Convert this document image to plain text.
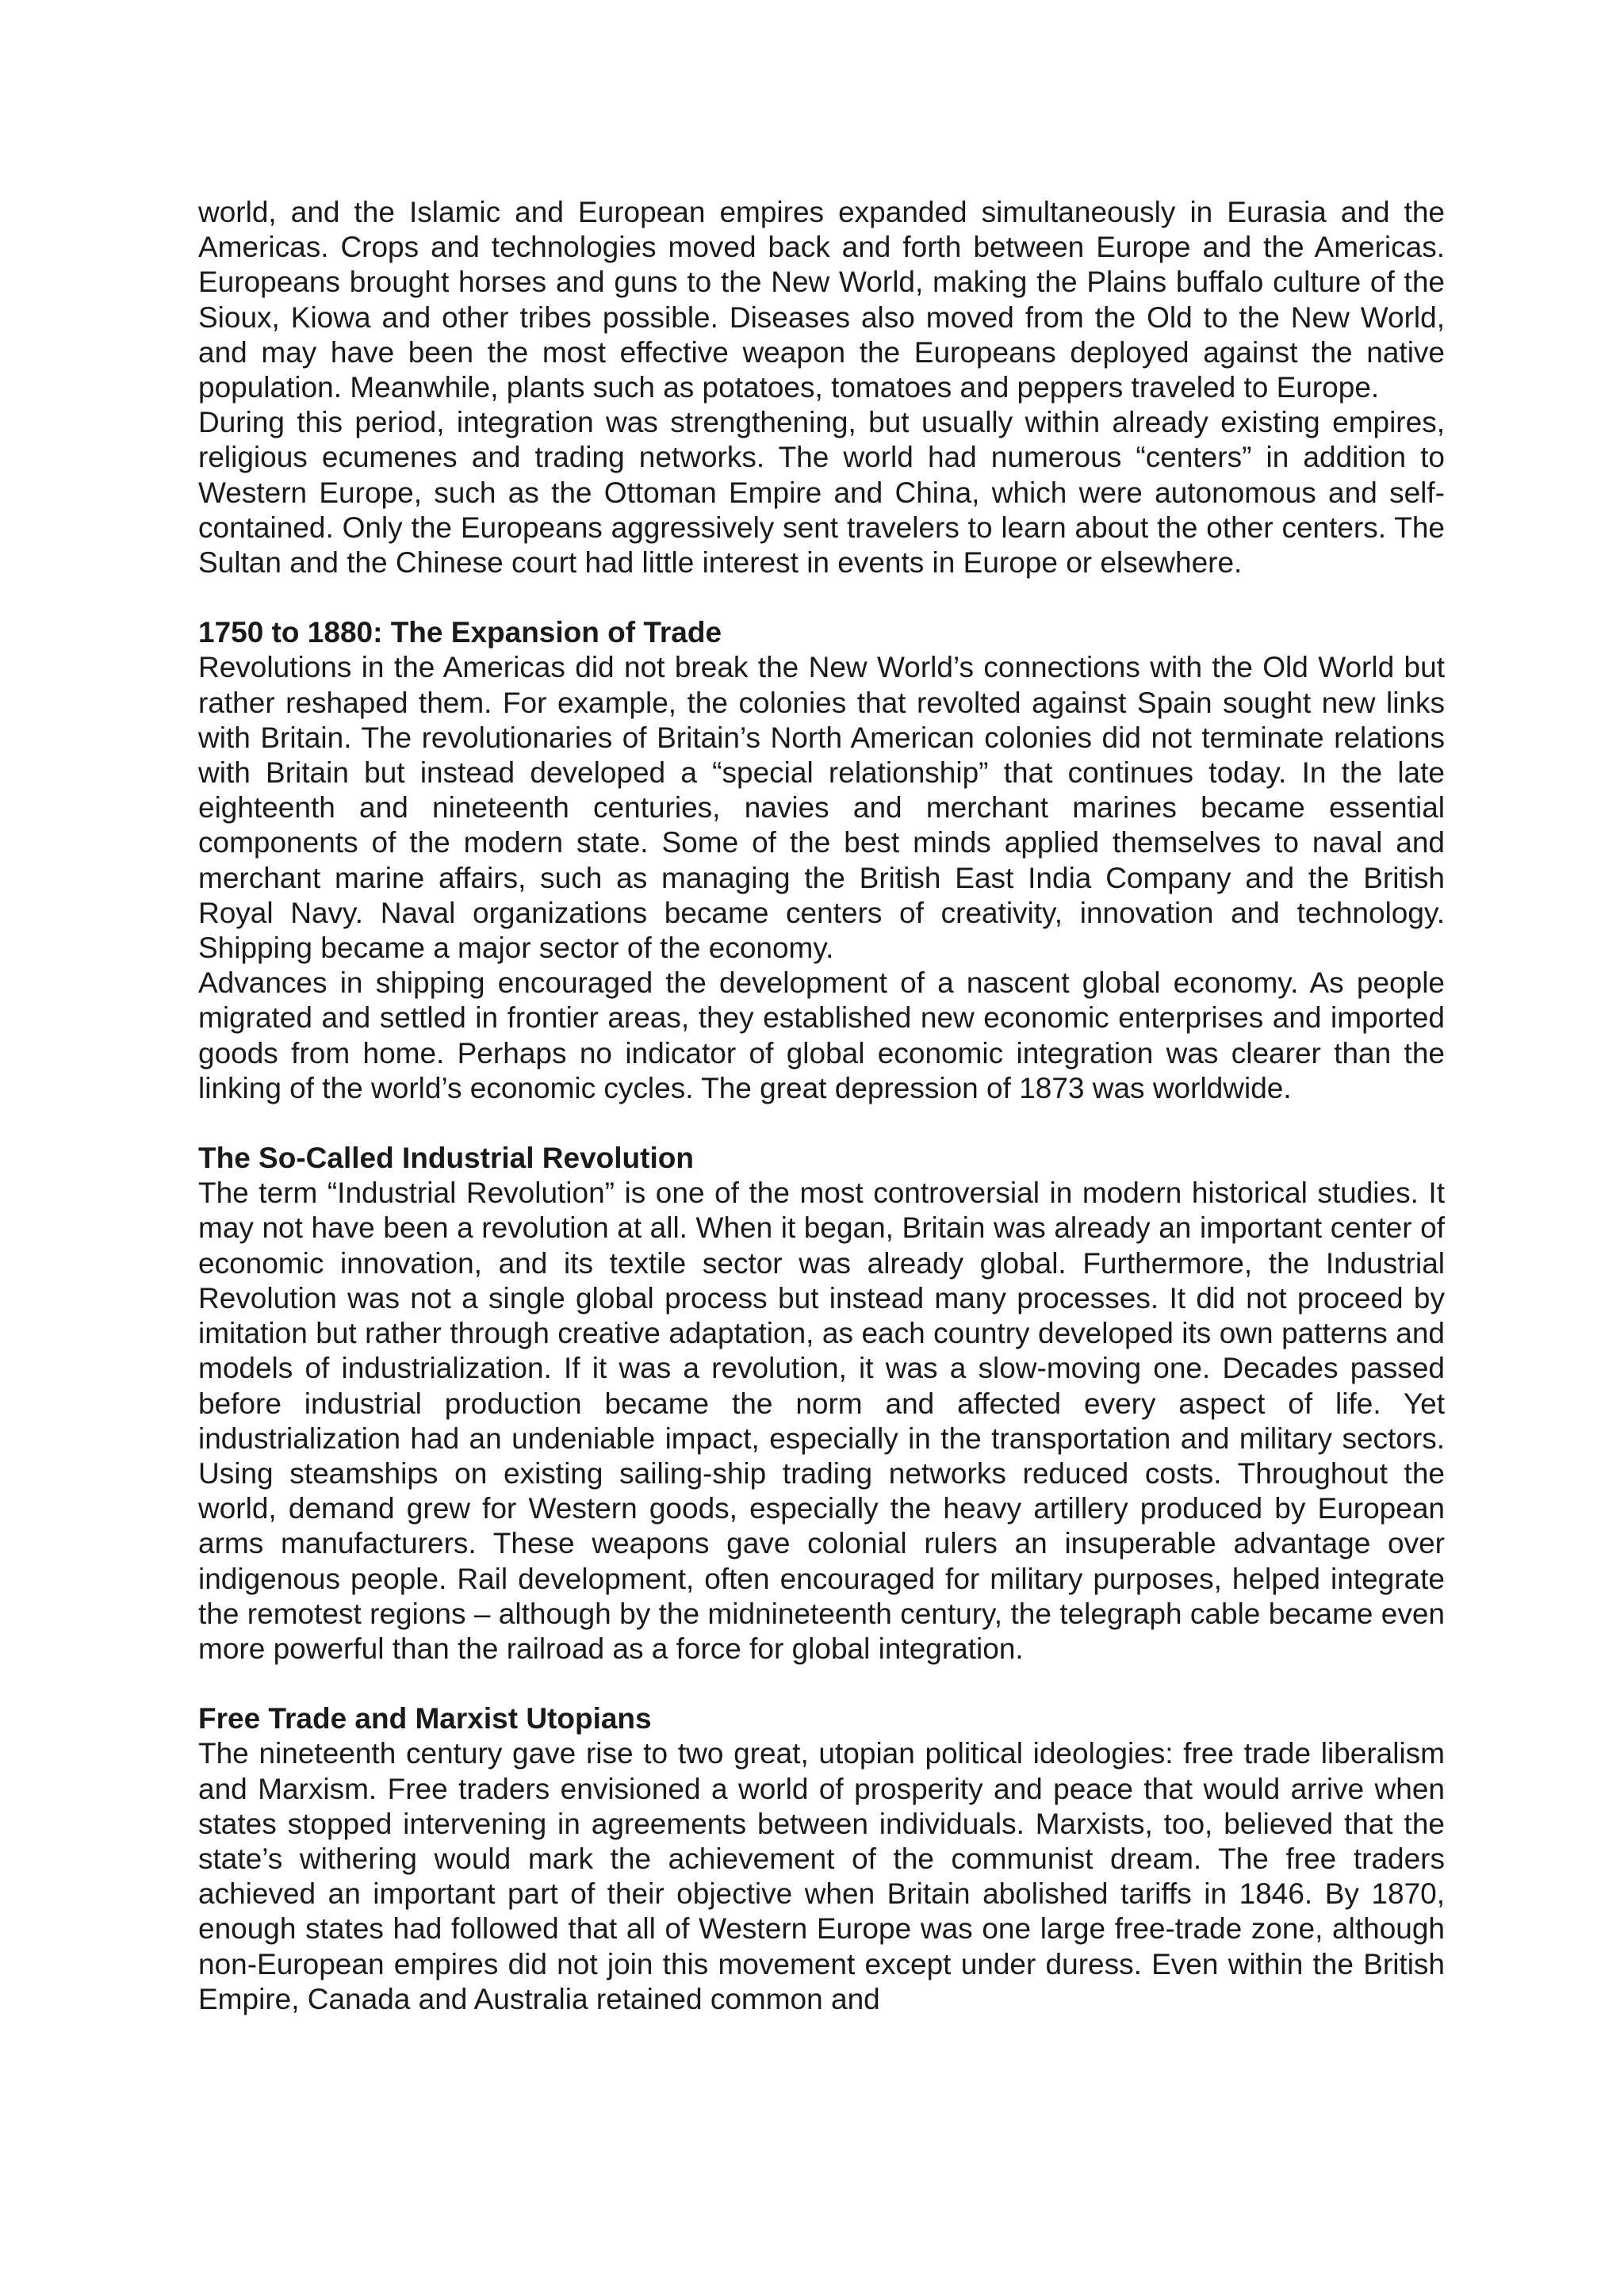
world, and the Islamic and European empires expanded simultaneously in Eurasia and the Americas. Crops and technologies moved back and forth between Europe and the Americas. Europeans brought horses and guns to the New World, making the Plains buffalo culture of the Sioux, Kiowa and other tribes possible. Diseases also moved from the Old to the New World, and may have been the most effective weapon the Europeans deployed against the native population. Meanwhile, plants such as potatoes, tomatoes and peppers traveled to Europe.

During this period, integration was strengthening, but usually within already existing empires, religious ecumenes and trading networks. The world had numerous “centers” in addition to Western Europe, such as the Ottoman Empire and China, which were autonomous and self-contained. Only the Europeans aggressively sent travelers to learn about the other centers. The Sultan and the Chinese court had little interest in events in Europe or elsewhere.

1750 to 1880: The Expansion of Trade

Revolutions in the Americas did not break the New World’s connections with the Old World but rather reshaped them. For example, the colonies that revolted against Spain sought new links with Britain. The revolutionaries of Britain’s North American colonies did not terminate relations with Britain but instead developed a “special relationship” that continues today. In the late eighteenth and nineteenth centuries, navies and merchant marines became essential components of the modern state. Some of the best minds applied themselves to naval and merchant marine affairs, such as managing the British East India Company and the British Royal Navy. Naval organizations became centers of creativity, innovation and technology. Shipping became a major sector of the economy.

Advances in shipping encouraged the development of a nascent global economy. As people migrated and settled in frontier areas, they established new economic enterprises and imported goods from home. Perhaps no indicator of global economic integration was clearer than the linking of the world’s economic cycles. The great depression of 1873 was worldwide.

The So-Called Industrial Revolution

The term “Industrial Revolution” is one of the most controversial in modern historical studies. It may not have been a revolution at all. When it began, Britain was already an important center of economic innovation, and its textile sector was already global. Furthermore, the Industrial Revolution was not a single global process but instead many processes. It did not proceed by imitation but rather through creative adaptation, as each country developed its own patterns and models of industrialization. If it was a revolution, it was a slow-moving one. Decades passed before industrial production became the norm and affected every aspect of life. Yet industrialization had an undeniable impact, especially in the transportation and military sectors. Using steamships on existing sailing-ship trading networks reduced costs. Throughout the world, demand grew for Western goods, especially the heavy artillery produced by European arms manufacturers. These weapons gave colonial rulers an insuperable advantage over indigenous people. Rail development, often encouraged for military purposes, helped integrate the remotest regions – although by the midnineteenth century, the telegraph cable became even more powerful than the railroad as a force for global integration.

Free Trade and Marxist Utopians

The nineteenth century gave rise to two great, utopian political ideologies: free trade liberalism and Marxism. Free traders envisioned a world of prosperity and peace that would arrive when states stopped intervening in agreements between individuals. Marxists, too, believed that the state’s withering would mark the achievement of the communist dream. The free traders achieved an important part of their objective when Britain abolished tariffs in 1846. By 1870, enough states had followed that all of Western Europe was one large free-trade zone, although non-European empires did not join this movement except under duress. Even within the British Empire, Canada and Australia retained common and
